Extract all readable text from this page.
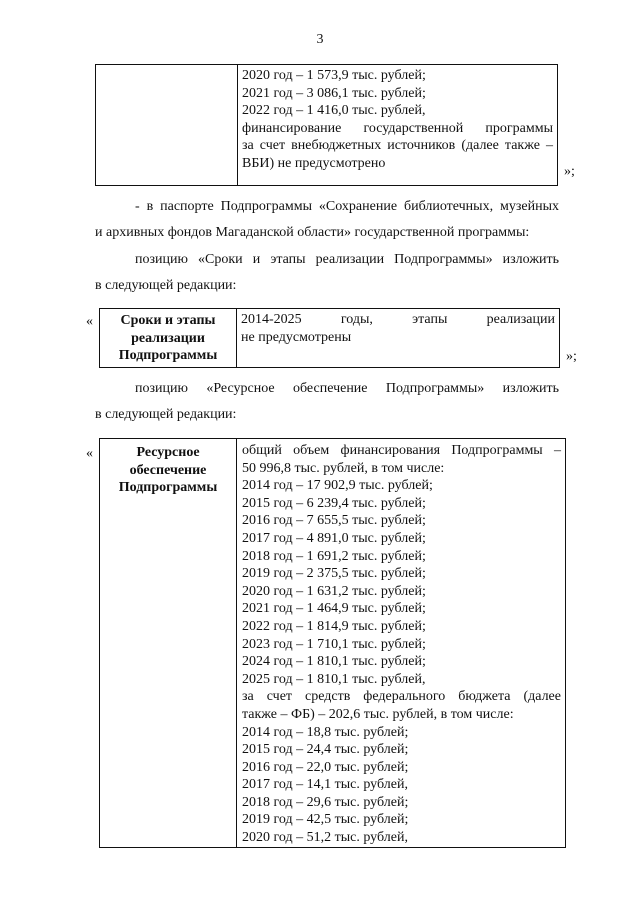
3

2020 год – 1 573,9 тыс. рублей;
2021 год – 3 086,1 тыс. рублей;
2022 год – 1 416,0 тыс. рублей,
финансирование государственной программы
за счет внебюджетных источников (далее также –
ВБИ) не предусмотрено
»;
- в паспорте Подпрограммы «Сохранение библиотечных, музейных
и архивных фондов Магаданской области» государственной программы:
позицию «Сроки и этапы реализации Подпрограммы» изложить
в следующей редакции:
«	Сроки и этапы
реализации
Подпрограммы

2014-2025 годы, этапы реализации
не предусмотрены
»;
позицию «Ресурсное обеспечение Подпрограммы» изложить
в следующей редакции:
«	Ресурсное
обеспечение
Подпрограммы

общий объем финансирования Подпрограммы –
50 996,8 тыс. рублей, в том числе:
2014 год – 17 902,9 тыс. рублей;
2015 год – 6 239,4 тыс. рублей;
2016 год – 7 655,5 тыс. рублей;
2017 год – 4 891,0 тыс. рублей;
2018 год – 1 691,2 тыс. рублей;
2019 год – 2 375,5 тыс. рублей;
2020 год – 1 631,2 тыс. рублей;
2021 год – 1 464,9 тыс. рублей;
2022 год – 1 814,9 тыс. рублей;
2023 год – 1 710,1 тыс. рублей;
2024 год – 1 810,1 тыс. рублей;
2025 год – 1 810,1 тыс. рублей,
за счет средств федерального бюджета (далее
также – ФБ) – 202,6 тыс. рублей, в том числе:
2014 год – 18,8 тыс. рублей;
2015 год – 24,4 тыс. рублей;
2016 год – 22,0 тыс. рублей;
2017 год – 14,1 тыс. рублей,
2018 год – 29,6 тыс. рублей;
2019 год – 42,5 тыс. рублей;
2020 год – 51,2 тыс. рублей,
